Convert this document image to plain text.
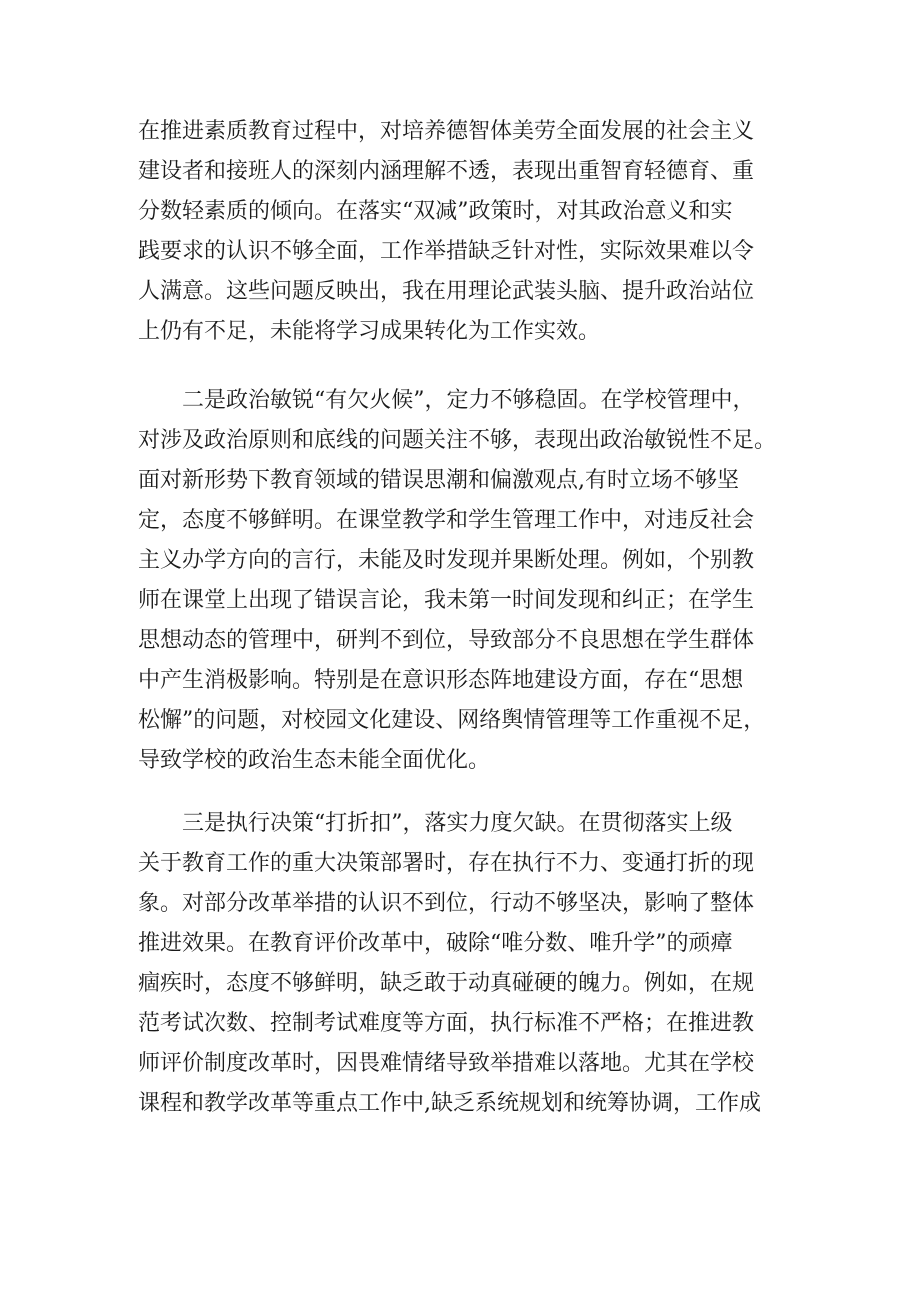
在推进素质教育过程中，对培养德智体美劳全面发展的社会主义
建设者和接班人的深刻内涵理解不透，表现出重智育轻德育、重
分数轻素质的倾向。在落实“双减”政策时，对其政治意义和实
践要求的认识不够全面，工作举措缺乏针对性，实际效果难以令
人满意。这些问题反映出，我在用理论武装头脑、提升政治站位
上仍有不足，未能将学习成果转化为工作实效。
　　二是政治敏锐“有欠火候”，定力不够稳固。在学校管理中，
对涉及政治原则和底线的问题关注不够，表现出政治敏锐性不足。
面对新形势下教育领域的错误思潮和偏激观点,有时立场不够坚
定，态度不够鲜明。在课堂教学和学生管理工作中，对违反社会
主义办学方向的言行，未能及时发现并果断处理。例如，个别教
师在课堂上出现了错误言论，我未第一时间发现和纠正；在学生
思想动态的管理中，研判不到位，导致部分不良思想在学生群体
中产生消极影响。特别是在意识形态阵地建设方面，存在“思想
松懈”的问题，对校园文化建设、网络舆情管理等工作重视不足，
导致学校的政治生态未能全面优化。
　　三是执行决策“打折扣”，落实力度欠缺。在贯彻落实上级
关于教育工作的重大决策部署时，存在执行不力、变通打折的现
象。对部分改革举措的认识不到位，行动不够坚决，影响了整体
推进效果。在教育评价改革中，破除“唯分数、唯升学”的顽瘴
痼疾时，态度不够鲜明，缺乏敢于动真碰硬的魄力。例如，在规
范考试次数、控制考试难度等方面，执行标准不严格；在推进教
师评价制度改革时，因畏难情绪导致举措难以落地。尤其在学校
课程和教学改革等重点工作中,缺乏系统规划和统筹协调，工作成
